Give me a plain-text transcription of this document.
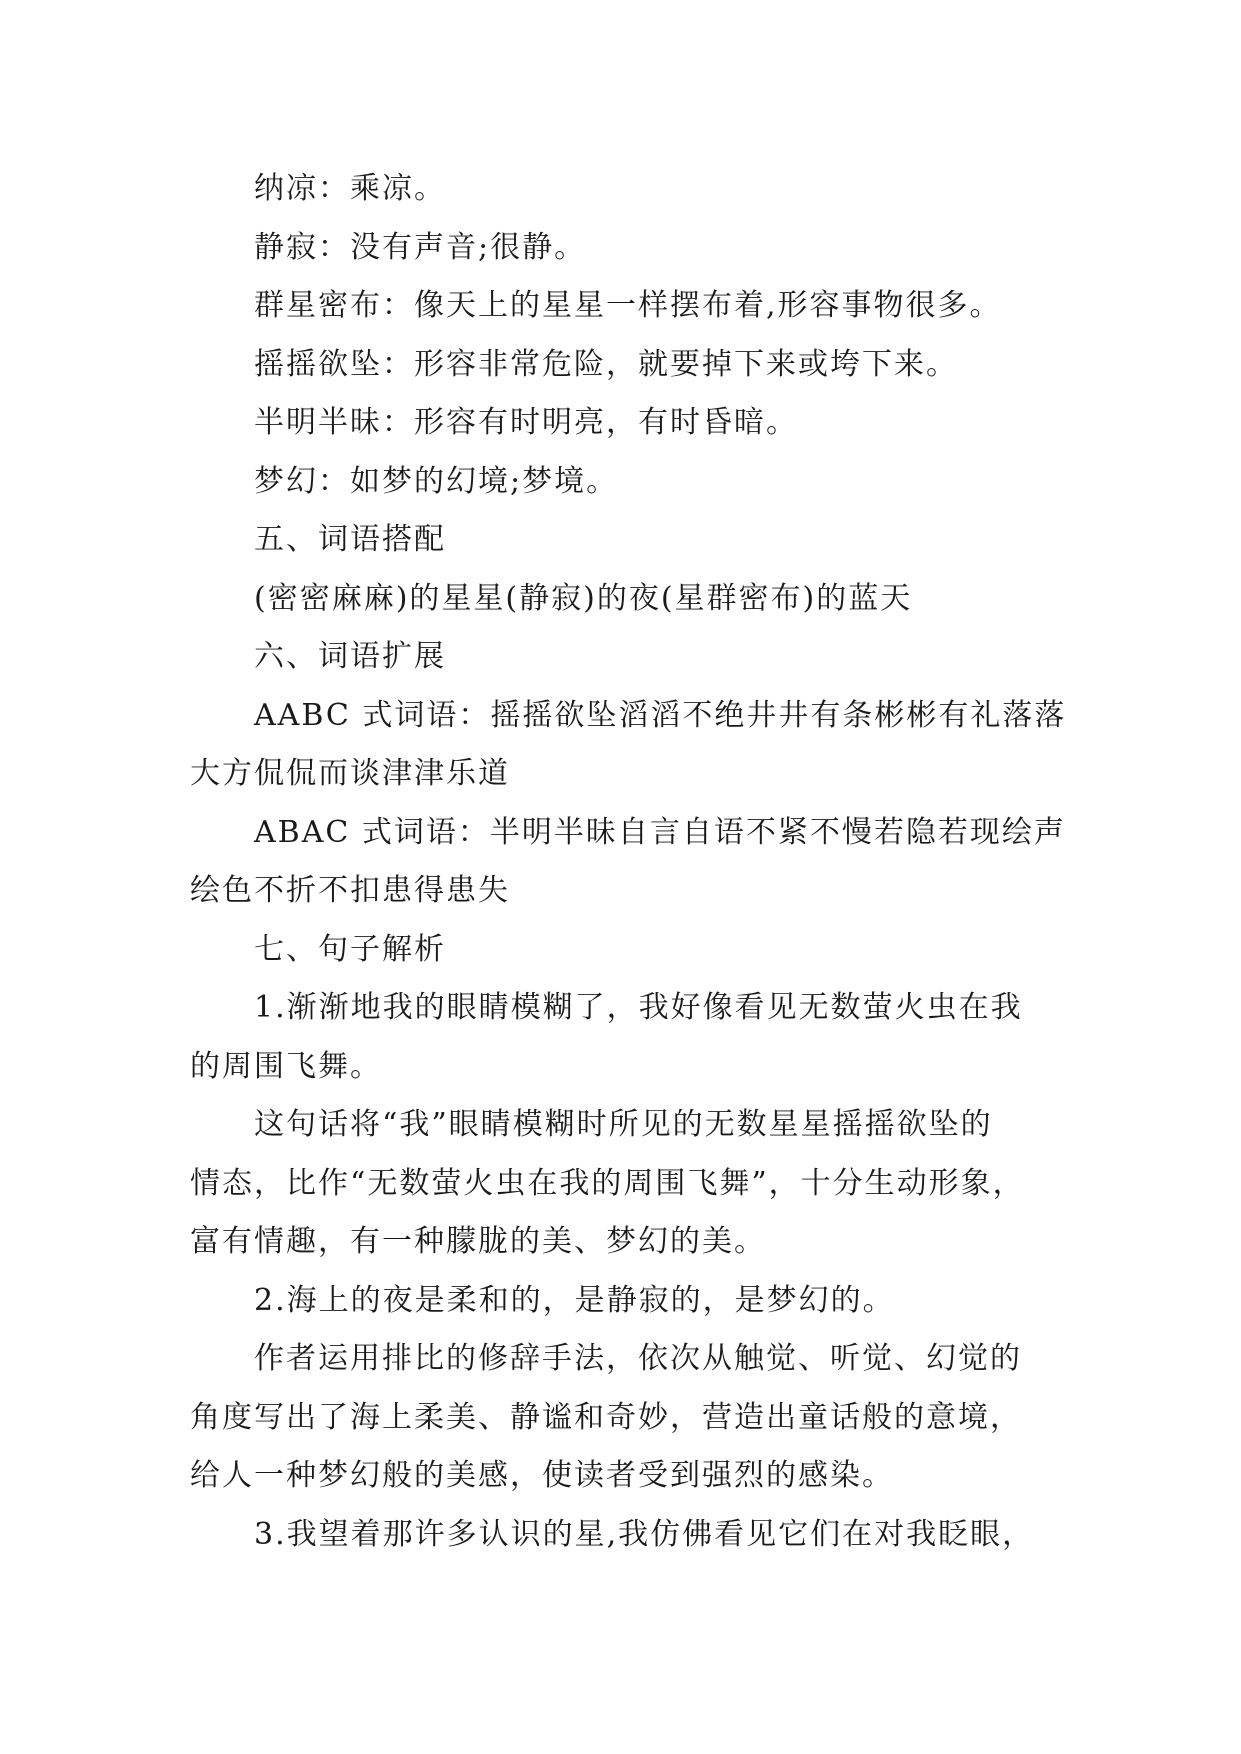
纳凉：乘凉。
静寂：没有声音;很静。
群星密布：像天上的星星一样摆布着,形容事物很多。
摇摇欲坠：形容非常危险，就要掉下来或垮下来。
半明半昧：形容有时明亮，有时昏暗。
梦幻：如梦的幻境;梦境。
五、词语搭配
(密密麻麻)的星星(静寂)的夜(星群密布)的蓝天
六、词语扩展
AABC 式词语：摇摇欲坠滔滔不绝井井有条彬彬有礼落落
大方侃侃而谈津津乐道
ABAC 式词语：半明半昧自言自语不紧不慢若隐若现绘声
绘色不折不扣患得患失
七、句子解析
1.渐渐地我的眼睛模糊了，我好像看见无数萤火虫在我
的周围飞舞。
这句话将“我”眼睛模糊时所见的无数星星摇摇欲坠的
情态，比作“无数萤火虫在我的周围飞舞”，十分生动形象，
富有情趣，有一种朦胧的美、梦幻的美。
2.海上的夜是柔和的，是静寂的，是梦幻的。
作者运用排比的修辞手法，依次从触觉、听觉、幻觉的
角度写出了海上柔美、静谧和奇妙，营造出童话般的意境，
给人一种梦幻般的美感，使读者受到强烈的感染。
3.我望着那许多认识的星,我仿佛看见它们在对我眨眼，
